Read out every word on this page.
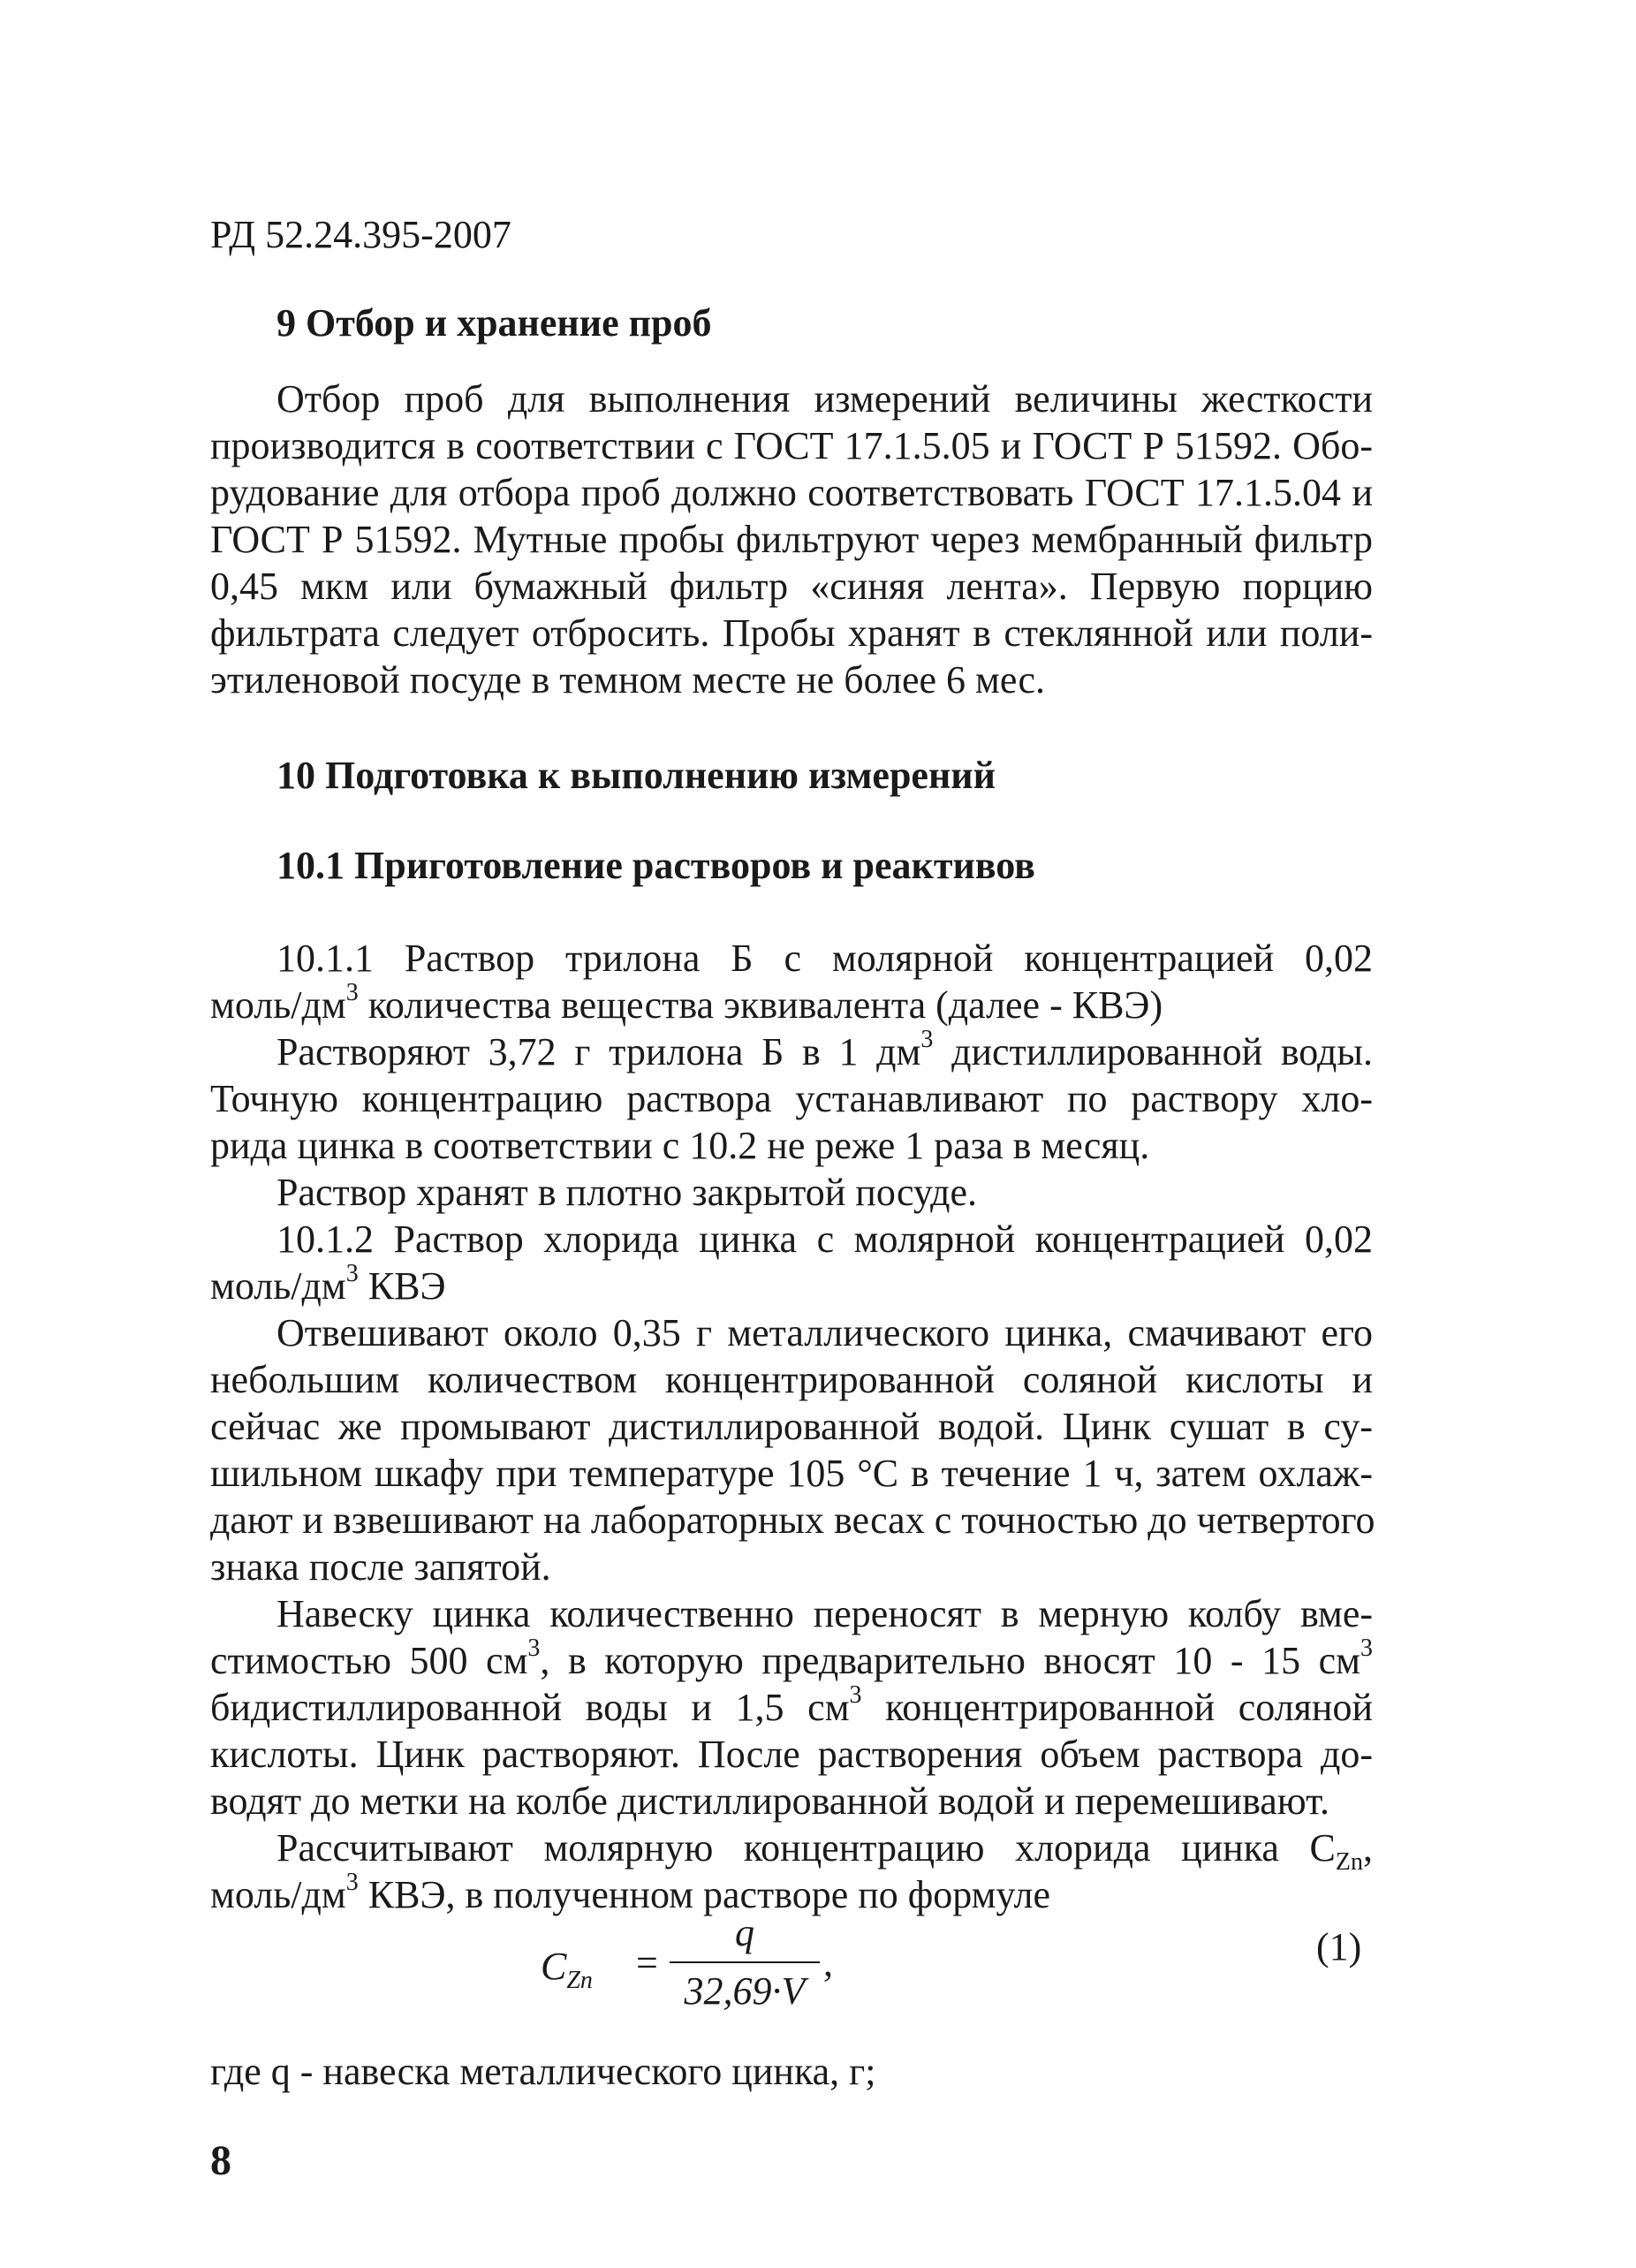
РД 52.24.395-2007
9 Отбор и хранение проб
Отбор проб для выполнения измерений величины жесткости
производится в соответствии с ГОСТ 17.1.5.05 и ГОСТ Р 51592. Обо-
рудование для отбора проб должно соответствовать ГОСТ 17.1.5.04 и
ГОСТ Р 51592. Мутные пробы фильтруют через мембранный фильтр
0,45 мкм или бумажный фильтр «синяя лента». Первую порцию
фильтрата следует отбросить. Пробы хранят в стеклянной или поли-
этиленовой посуде в темном месте не более 6 мес.
10 Подготовка к выполнению измерений
10.1 Приготовление растворов и реактивов
10.1.1 Раствор трилона Б с молярной концентрацией 0,02
моль/$дм^3$ количества вещества эквивалента (далее - КВЭ)
Растворяют 3,72 г трилона Б в 1 $дм^3$ дистиллированной воды.
Точную концентрацию раствора устанавливают по раствору хло-
рида цинка в соответствии с 10.2 не реже 1 раза в месяц.
Раствор хранят в плотно закрытой посуде.
10.1.2 Раствор хлорида цинка с молярной концентрацией 0,02
моль/$дм^3$ КВЭ
Отвешивают около 0,35 г металлического цинка, смачивают его
небольшим количеством концентрированной соляной кислоты и
сейчас же промывают дистиллированной водой. Цинк сушат в су-
шильном шкафу при температуре 105 °С в течение 1 ч, затем охлаж-
дают и взвешивают на лабораторных весах с точностью до четвертого
знака после запятой.
Навеску цинка количественно переносят в мерную колбу вме-
стимостью 500 $см^3$, в которую предварительно вносят 10 - 15 $см^3$
бидистиллированной воды и 1,5 $см^3$ концентрированной соляной
кислоты. Цинк растворяют. После растворения объем раствора до-
водят до метки на колбе дистиллированной водой и перемешивают.
Рассчитывают молярную концентрацию хлорида цинка $С_{Zn}$,
моль/$дм^3$ КВЭ, в полученном растворе по формуле
$C_{Zn}$ =
q
32,69·V
,	(1)
где q - навеска металлического цинка, г;
8
